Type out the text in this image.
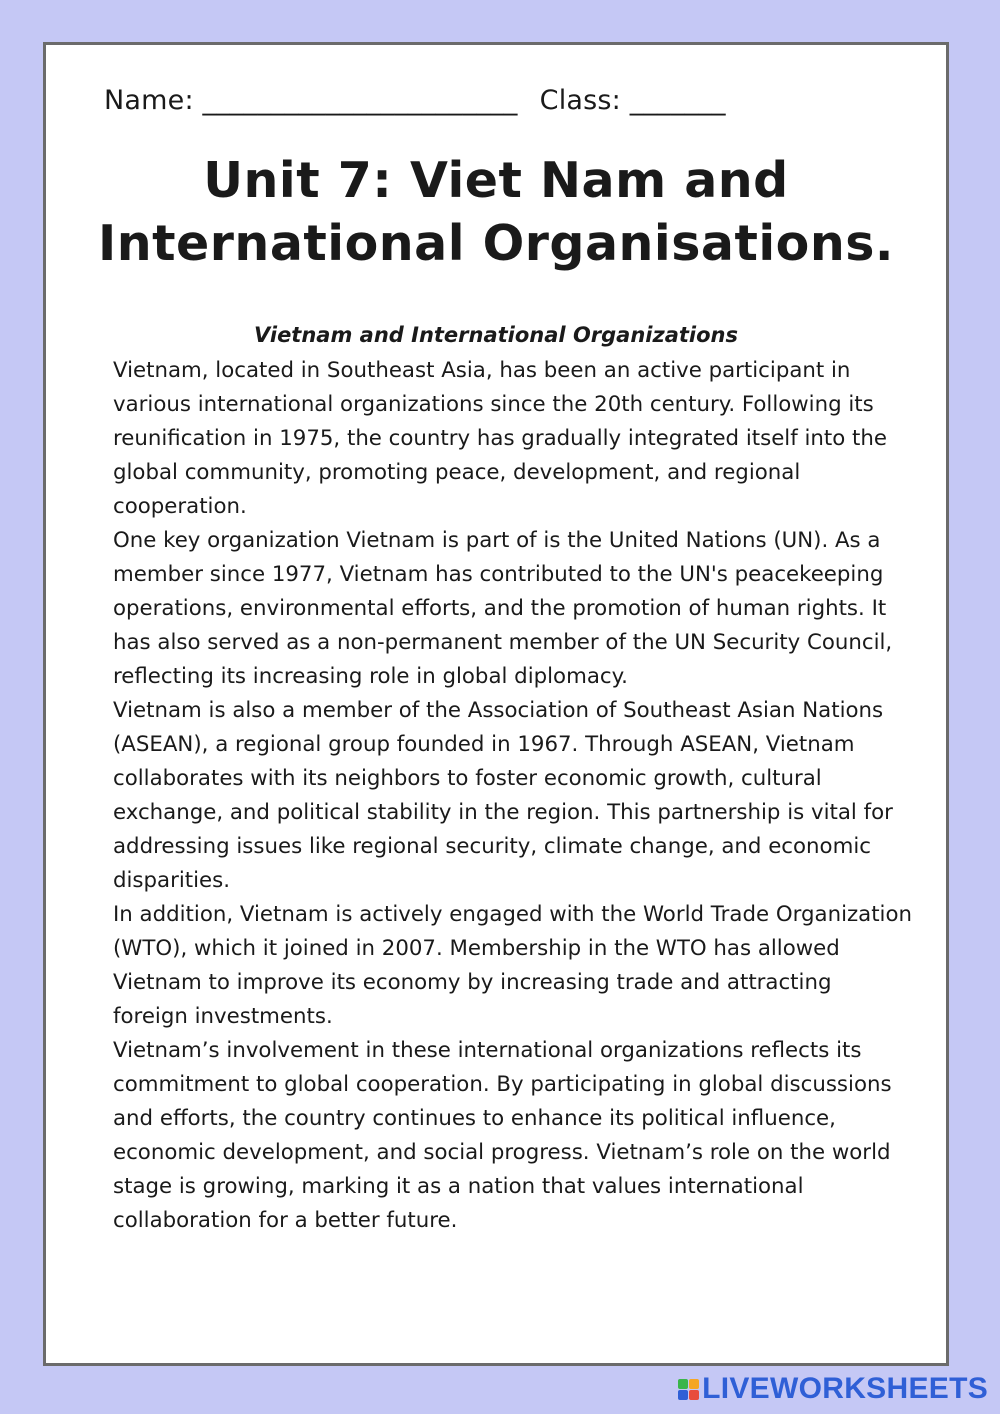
Name: _______________________ Class: _______
Unit 7: Viet Nam and
International Organisations.
Vietnam and International Organizations

Vietnam, located in Southeast Asia, has been an active participant in various international organizations since the 20th century. Following its reunification in 1975, the country has gradually integrated itself into the global community, promoting peace, development, and regional cooperation.

One key organization Vietnam is part of is the United Nations (UN). As a member since 1977, Vietnam has contributed to the UN's peacekeeping operations, environmental efforts, and the promotion of human rights. It has also served as a non-permanent member of the UN Security Council, reflecting its increasing role in global diplomacy.

Vietnam is also a member of the Association of Southeast Asian Nations (ASEAN), a regional group founded in 1967. Through ASEAN, Vietnam collaborates with its neighbors to foster economic growth, cultural exchange, and political stability in the region. This partnership is vital for addressing issues like regional security, climate change, and economic disparities.

In addition, Vietnam is actively engaged with the World Trade Organization (WTO), which it joined in 2007. Membership in the WTO has allowed Vietnam to improve its economy by increasing trade and attracting foreign investments.

Vietnam’s involvement in these international organizations reflects its commitment to global cooperation. By participating in global discussions and efforts, the country continues to enhance its political influence, economic development, and social progress. Vietnam’s role on the world stage is growing, marking it as a nation that values international collaboration for a better future.

LIVEWORKSHEETS
